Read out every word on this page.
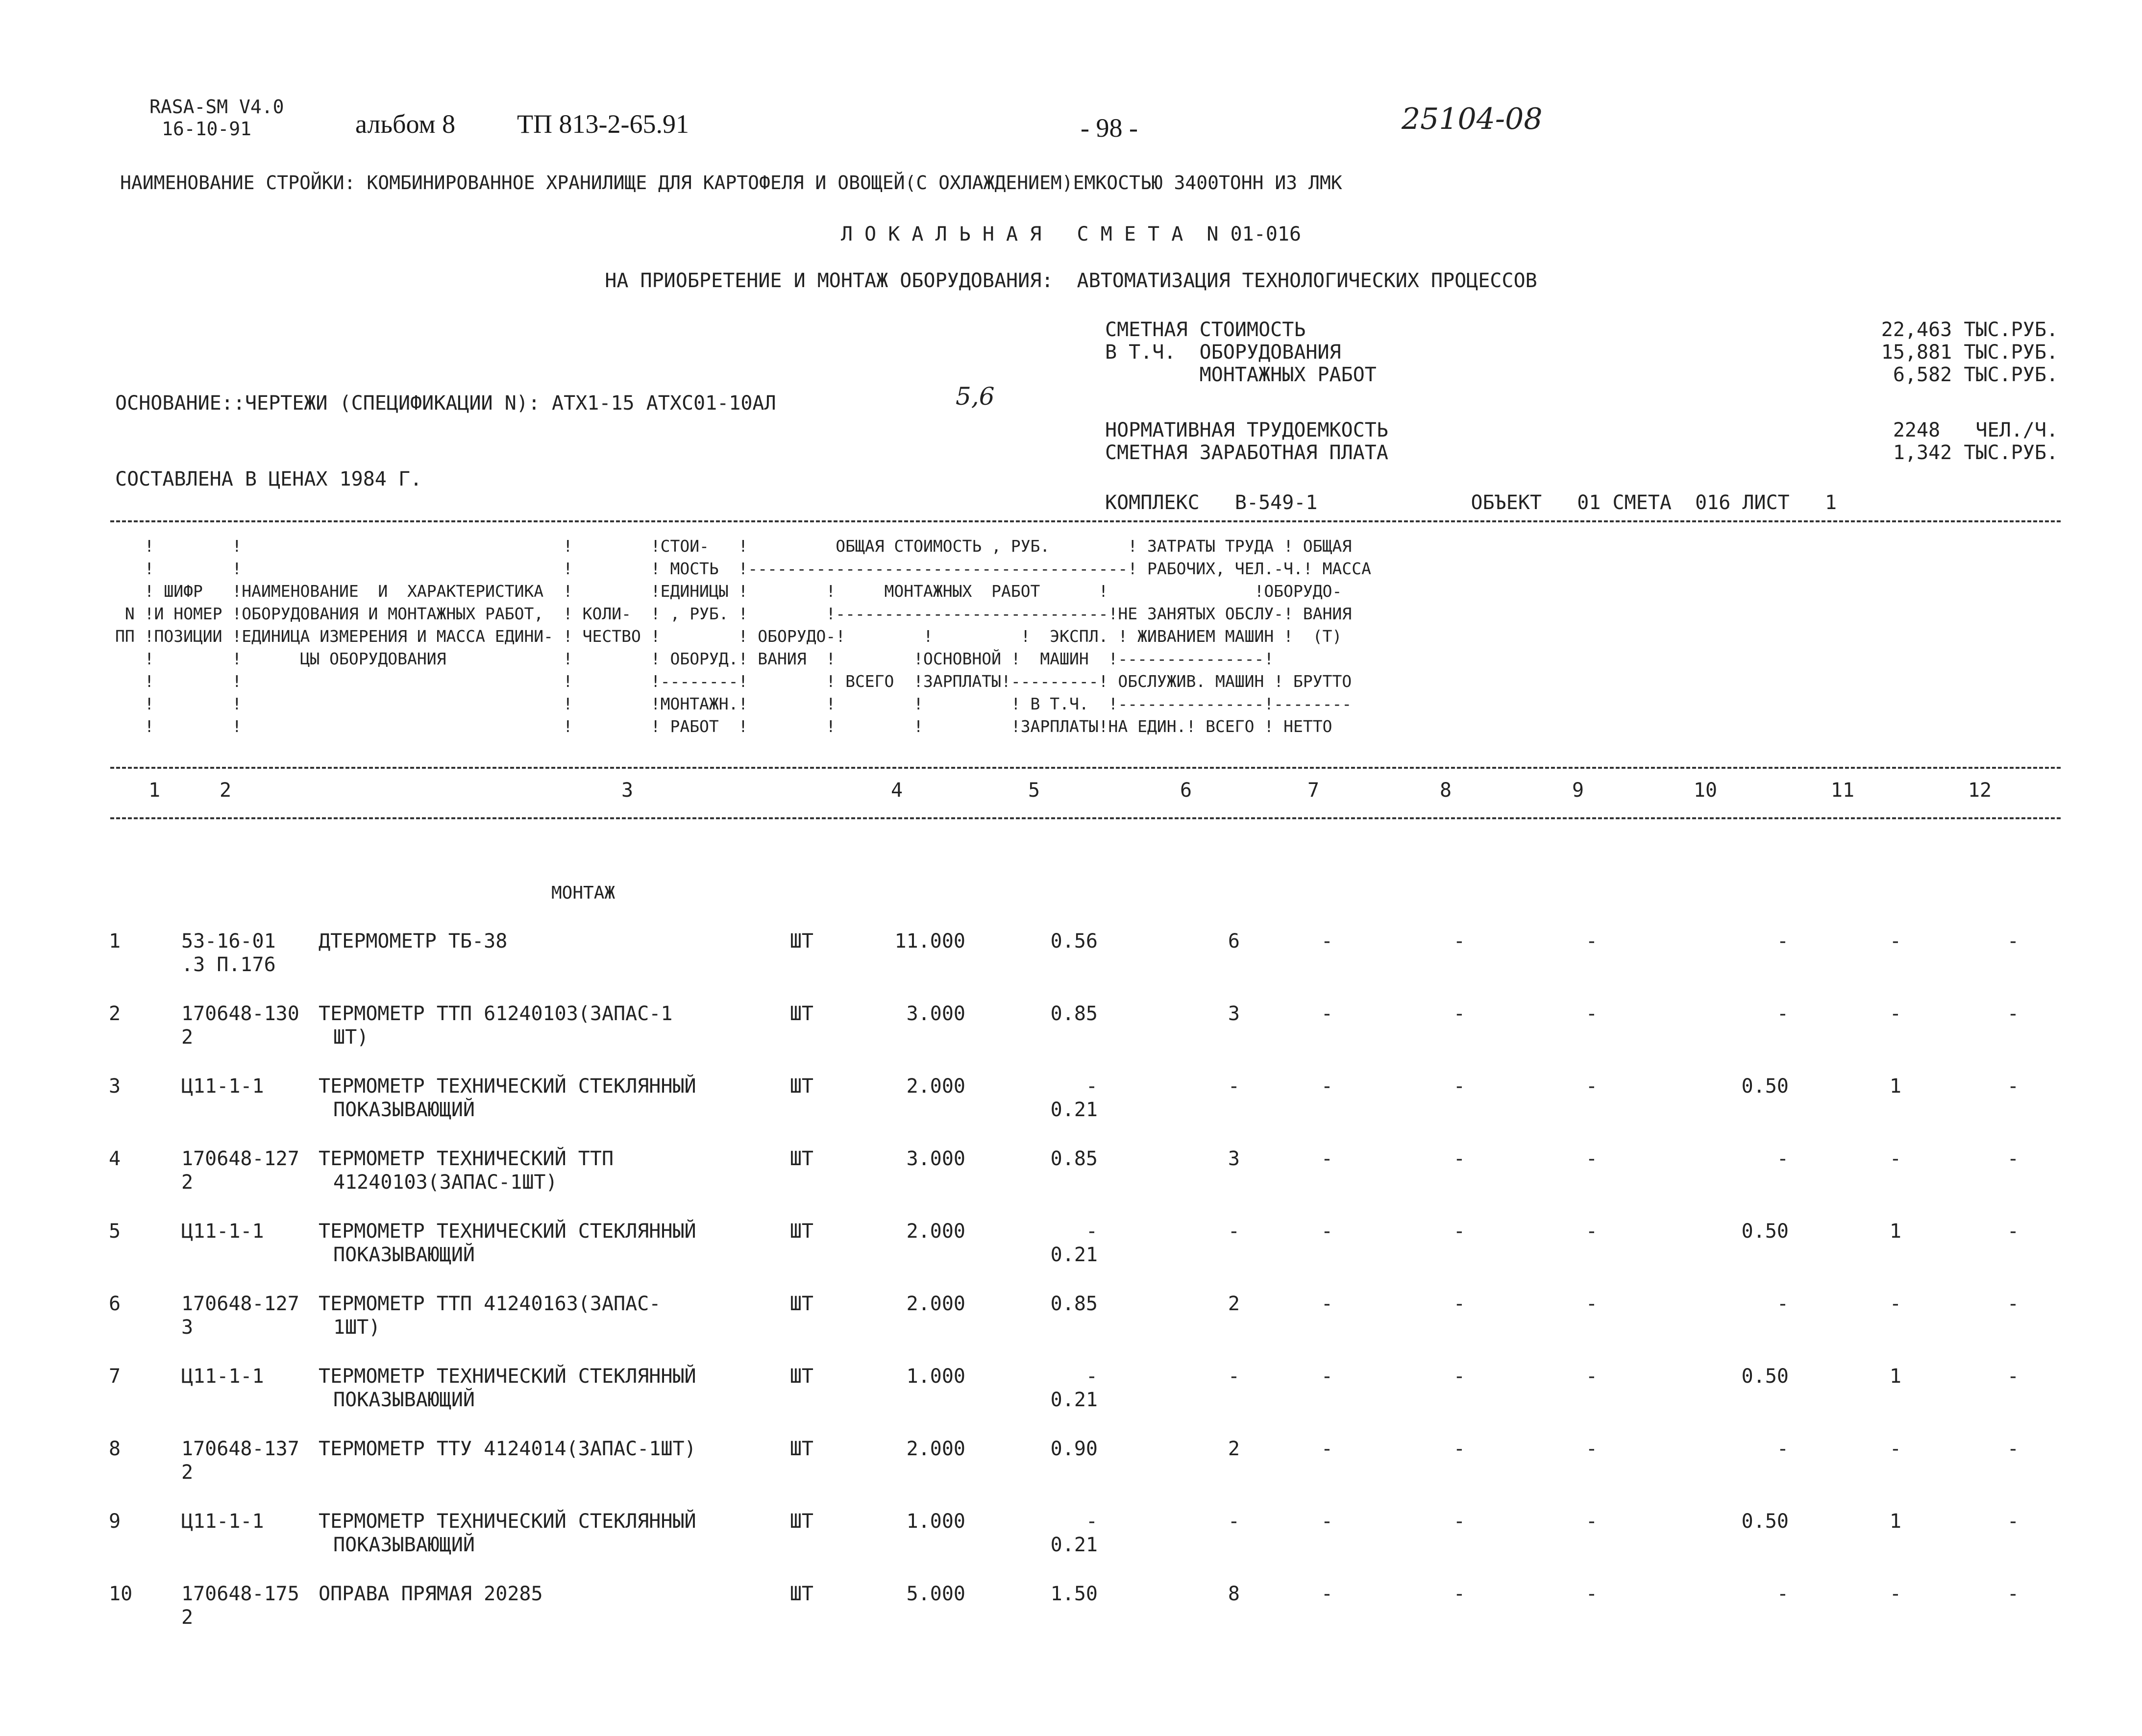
RASA-SM V4.0
16-10-91	альбом 8 ТП 813-2-65.91	- 98 -	25104-08
НАИМЕНОВАНИЕ СТРОЙКИ: КОМБИНИРОВАННОЕ ХРАНИЛИЩЕ ДЛЯ КАРТОФЕЛЯ И ОВОЩЕЙ(С ОХЛАЖДЕНИЕМ)ЕМКОСТЬЮ 3400ТОНН ИЗ ЛМК
Л О К А Л Ь Н А Я   С М Е Т А  N 01-016
НА ПРИОБРЕТЕНИЕ И МОНТАЖ ОБОРУДОВАНИЯ:  АВТОМАТИЗАЦИЯ ТЕХНОЛОГИЧЕСКИХ ПРОЦЕССОВ
СМЕТНАЯ СТОИМОСТЬ	22,463 ТЫС.РУБ.
В Т.Ч.  ОБОРУДОВАНИЯ	15,881 ТЫС.РУБ.
МОНТАЖНЫХ РАБОТ	6,582 ТЫС.РУБ.
НОРМАТИВНАЯ ТРУДОЕМКОСТЬ	2248   ЧЕЛ./Ч.
СМЕТНАЯ ЗАРАБОТНАЯ ПЛАТА	1,342 ТЫС.РУБ.
ОСНОВАНИЕ::ЧЕРТЕЖИ (СПЕЦИФИКАЦИИ N): АТХ1-15 АТХС01-10АЛ	5,6
СОСТАВЛЕНА В ЦЕНАХ 1984 Г.
КОМПЛЕКС   В-549-1             ОБЪЕКТ   01 СМЕТА  016 ЛИСТ   1
!        !                                 !        !СТОИ-   !         ОБЩАЯ СТОИМОСТЬ , РУБ.        ! ЗАТРАТЫ ТРУДА ! ОБЩАЯ
!        !                                 !        ! МОСТЬ  !---------------------------------------! РАБОЧИХ, ЧЕЛ.-Ч.! МАССА
! ШИФР   !НАИМЕНОВАНИЕ  И  ХАРАКТЕРИСТИКА  !        !ЕДИНИЦЫ !        !     МОНТАЖНЫХ  РАБОТ      !               !ОБОРУДО-
N !И НОМЕР !ОБОРУДОВАНИЯ И МОНТАЖНЫХ РАБОТ,  ! КОЛИ-  ! , РУБ. !        !----------------------------!НЕ ЗАНЯТЫХ ОБСЛУ-! ВАНИЯ
ПП !ПОЗИЦИИ !ЕДИНИЦА ИЗМЕРЕНИЯ И МАССА ЕДИНИ- ! ЧЕСТВО !        ! ОБОРУДО-!        !         !  ЭКСПЛ. ! ЖИВАНИЕМ МАШИН !  (Т)
!        !      ЦЫ ОБОРУДОВАНИЯ            !        ! ОБОРУД.! ВАНИЯ  !        !ОСНОВНОЙ !  МАШИН  !---------------!
!        !                                 !        !--------!        ! ВСЕГО  !ЗАРПЛАТЫ!---------! ОБСЛУЖИВ. МАШИН ! БРУТТО
!        !                                 !        !МОНТАЖН.!        !        !         ! В Т.Ч.  !---------------!--------
!        !                                 !        ! РАБОТ  !        !        !         !ЗАРПЛАТЫ!НА ЕДИН.! ВСЕГО ! НЕТТО
1	2	3	4	5	6	7	8	9	10	11	12
МОНТАЖ
1	53-16-01	ДТЕРМОМЕТР ТБ-38	ШТ	11.000	0.56	6	-	-	-	-	-	-
.3 П.176
2	170648-130 ТЕРМОМЕТР ТТП 61240103(ЗАПАС-1	ШТ	3.000	0.85	3	-	-	-	-	-	-
2	ШТ)
3	Ц11-1-1	ТЕРМОМЕТР ТЕХНИЧЕСКИЙ СТЕКЛЯННЫЙ	ШТ	2.000	-	-	-	-	-	0.50	1	-
ПОКАЗЫВАЮЩИЙ	0.21
4	170648-127 ТЕРМОМЕТР ТЕХНИЧЕСКИЙ ТТП	ШТ	3.000	0.85	3	-	-	-	-	-	-
2	41240103(ЗАПАС-1ШТ)
5	Ц11-1-1	ТЕРМОМЕТР ТЕХНИЧЕСКИЙ СТЕКЛЯННЫЙ	ШТ	2.000	-	-	-	-	-	0.50	1	-
ПОКАЗЫВАЮЩИЙ	0.21
6	170648-127 ТЕРМОМЕТР ТТП 41240163(ЗАПАС-	ШТ	2.000	0.85	2	-	-	-	-	-	-
3	1ШТ)
7	Ц11-1-1	ТЕРМОМЕТР ТЕХНИЧЕСКИЙ СТЕКЛЯННЫЙ	ШТ	1.000	-	-	-	-	-	0.50	1	-
ПОКАЗЫВАЮЩИЙ	0.21
8	170648-137 ТЕРМОМЕТР ТТУ 4124014(ЗАПАС-1ШТ)	ШТ	2.000	0.90	2	-	-	-	-	-	-
2
9	Ц11-1-1	ТЕРМОМЕТР ТЕХНИЧЕСКИЙ СТЕКЛЯННЫЙ	ШТ	1.000	-	-	-	-	-	0.50	1	-
ПОКАЗЫВАЮЩИЙ	0.21
10 170648-175 ОПРАВА ПРЯМАЯ 20285	ШТ	5.000	1.50	8	-	-	-	-	-	-
2
